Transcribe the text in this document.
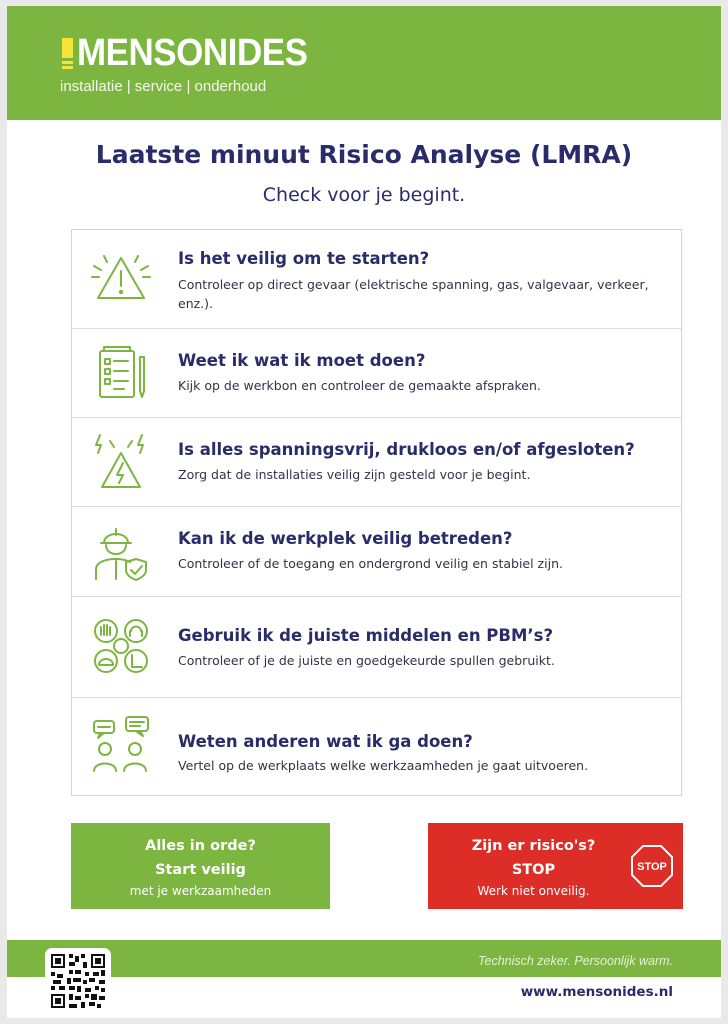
MENSONIDES
installatie | service | onderhoud
Laatste minuut Risico Analyse (LMRA)
Check voor je begint.
Is het veilig om te starten?
Controleer op direct gevaar (elektrische spanning, gas, valgevaar, verkeer, enz.).
Weet ik wat ik moet doen?
Kijk op de werkbon en controleer de gemaakte afspraken.
Is alles spanningsvrij, drukloos en/of afgesloten?
Zorg dat de installaties veilig zijn gesteld voor je begint.
Kan ik de werkplek veilig betreden?
Controleer of de toegang en ondergrond veilig en stabiel zijn.
Gebruik ik de juiste middelen en PBM’s?
Controleer of je de juiste en goedgekeurde spullen gebruikt.
Weten anderen wat ik ga doen?
Vertel op de werkplaats welke werkzaamheden je gaat uitvoeren.
Alles in orde?
Start veilig
met je werkzaamheden
Zijn er risico's?
STOP
Werk niet onveilig.
STOP
Technisch zeker. Persoonlijk warm.
www.mensonides.nl
